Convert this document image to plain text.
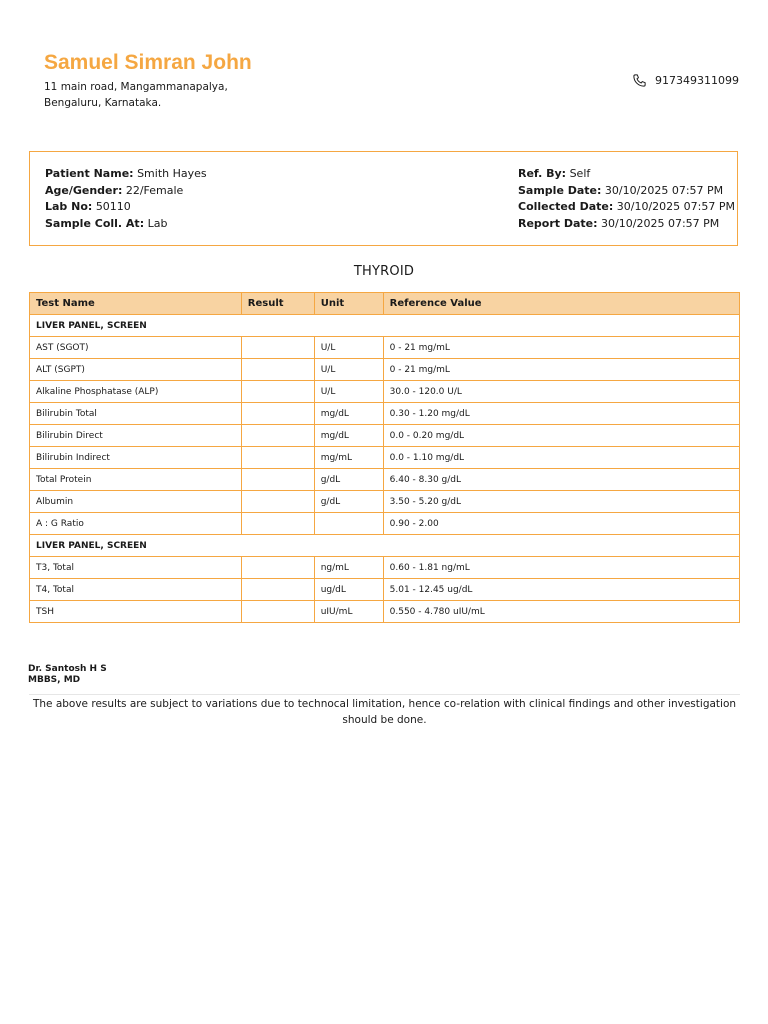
Samuel Simran John
11 main road, Mangammanapalya,
Bengaluru, Karnataka.
917349311099
Patient Name: Smith Hayes
Age/Gender: 22/Female
Lab No: 50110
Sample Coll. At: Lab
Ref. By: Self
Sample Date: 30/10/2025 07:57 PM
Collected Date: 30/10/2025 07:57 PM
Report Date: 30/10/2025 07:57 PM
THYROID
Test Name	Result	Unit	Reference Value
LIVER PANEL, SCREEN			
AST (SGOT)		U/L	0 - 21 mg/mL
ALT (SGPT)		U/L	0 - 21 mg/mL
Alkaline Phosphatase (ALP)		U/L	30.0 - 120.0 U/L
Bilirubin Total		mg/dL	0.30 - 1.20 mg/dL
Bilirubin Direct		mg/dL	0.0 - 0.20 mg/dL
Bilirubin Indirect		mg/mL	0.0 - 1.10 mg/dL
Total Protein		g/dL	6.40 - 8.30 g/dL
Albumin		g/dL	3.50 - 5.20 g/dL
A : G Ratio			0.90 - 2.00
LIVER PANEL, SCREEN			
T3, Total		ng/mL	0.60 - 1.81 ng/mL
T4, Total		ug/dL	5.01 - 12.45 ug/dL
TSH		uIU/mL	0.550 - 4.780 uIU/mL
Dr. Santosh H S
MBBS, MD
The above results are subject to variations due to technocal limitation, hence co-relation with clinical findings and other investigation should be done.
